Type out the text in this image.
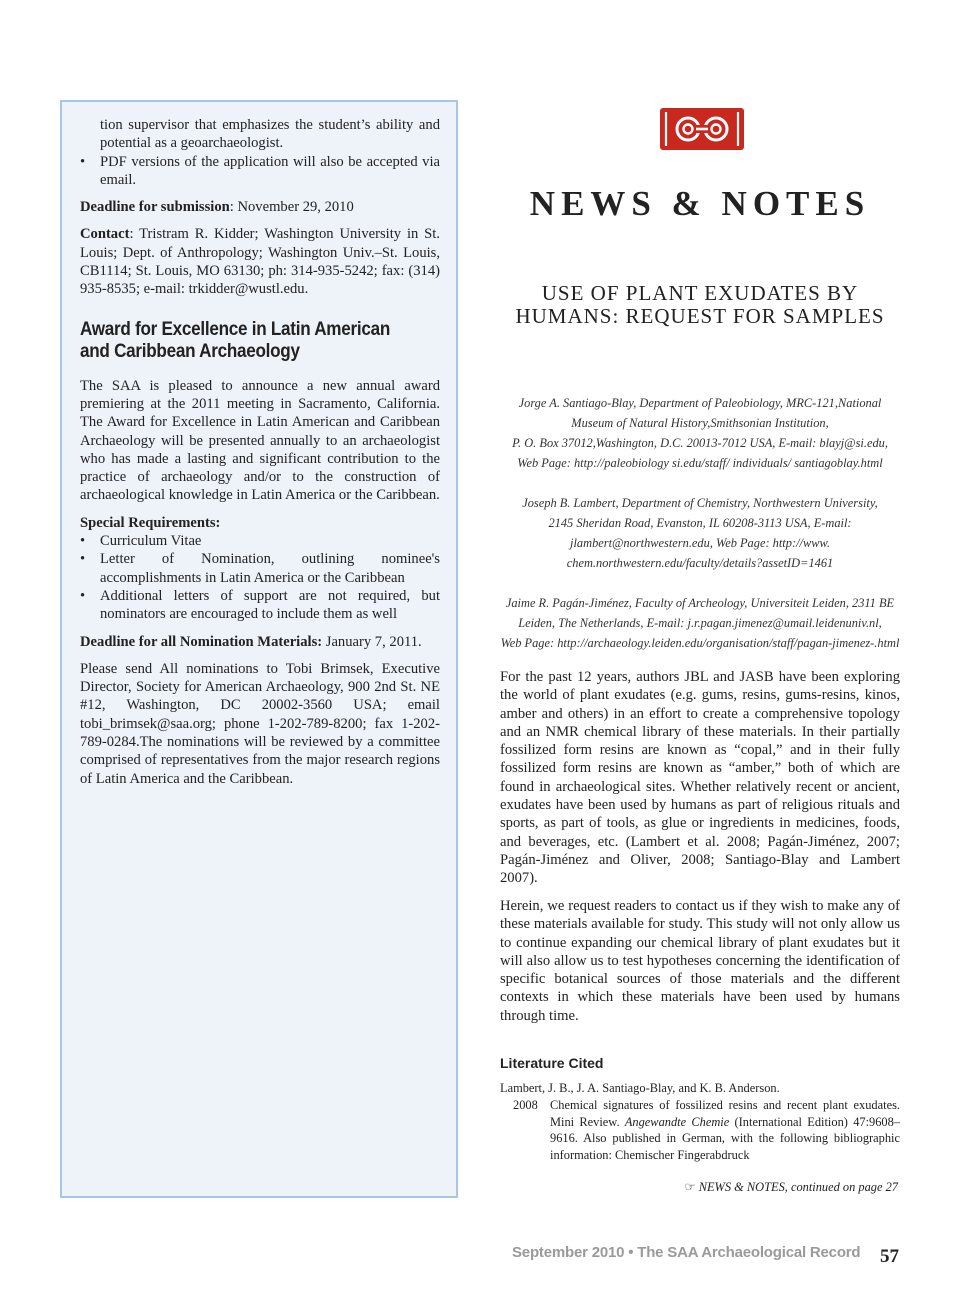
tion supervisor that emphasizes the student’s ability and potential as a geoarchaeologist.

• PDF versions of the application will also be accepted via email.

Deadline for submission: November 29, 2010

Contact: Tristram R. Kidder; Washington University in St. Louis; Dept. of Anthropology; Washington Univ.–St. Louis, CB1114; St. Louis, MO 63130; ph: 314-935-5242; fax: (314) 935-8535; e-mail: trkidder@wustl.edu.

Award for Excellence in Latin American
and Caribbean Archaeology

The SAA is pleased to announce a new annual award premiering at the 2011 meeting in Sacramento, California. The Award for Excellence in Latin American and Caribbean Archaeology will be presented annually to an archaeologist who has made a lasting and significant contribution to the practice of archaeology and/or to the construction of archaeological knowledge in Latin America or the Caribbean.

Special Requirements:

• Curriculum Vitae
• Letter of Nomination, outlining nominee's accomplishments in Latin America or the Caribbean
• Additional letters of support are not required, but nominators are encouraged to include them as well

Deadline for all Nomination Materials: January 7, 2011.

Please send All nominations to Tobi Brimsek, Executive Director, Society for American Archaeology, 900 2nd St. NE #12, Washington, DC 20002-3560 USA; email tobi_brimsek@saa.org; phone 1-202-789-8200; fax 1-202-789-0284.The nominations will be reviewed by a committee comprised of representatives from the major research regions of Latin America and the Caribbean.

NEWS & NOTES
USE OF PLANT EXUDATES BY
HUMANS: REQUEST FOR SAMPLES
Jorge A. Santiago-Blay, Department of Paleobiology, MRC-121,National
Museum of Natural History,Smithsonian Institution,
P. O. Box 37012,Washington, D.C. 20013-7012 USA, E-mail: blayj@si.edu,
Web Page: http://paleobiology si.edu/staff/ individuals/ santiagoblay.html
Joseph B. Lambert, Department of Chemistry, Northwestern University,
2145 Sheridan Road, Evanston, IL 60208-3113 USA, E-mail:
jlambert@northwestern.edu, Web Page: http://www.
chem.northwestern.edu/faculty/details?assetID=1461
Jaime R. Pagán-Jiménez, Faculty of Archeology, Universiteit Leiden, 2311 BE
Leiden, The Netherlands, E-mail: j.r.pagan.jimenez@umail.leidenuniv.nl,
Web Page: http://archaeology.leiden.edu/organisation/staff/pagan-jimenez-.html
For the past 12 years, authors JBL and JASB have been exploring the world of plant exudates (e.g. gums, resins, gums-resins, kinos, amber and others) in an effort to create a comprehensive topology and an NMR chemical library of these materials. In their partially fossilized form resins are known as “copal,” and in their fully fossilized form resins are known as “amber,” both of which are found in archaeological sites. Whether relatively recent or ancient, exudates have been used by humans as part of religious rituals and sports, as part of tools, as glue or ingredients in medicines, foods, and beverages, etc. (Lambert et al. 2008; Pagán-Jiménez, 2007; Pagán-Jiménez and Oliver, 2008; Santiago-Blay and Lambert 2007).
Herein, we request readers to contact us if they wish to make any of these materials available for study. This study will not only allow us to continue expanding our chemical library of plant exudates but it will also allow us to test hypotheses concerning the identification of specific botanical sources of those materials and the different contexts in which these materials have been used by humans through time.
Literature Cited
Lambert, J. B., J. A. Santiago-Blay, and K. B. Anderson.
2008 Chemical signatures of fossilized resins and recent plant exudates. Mini Review. Angewandte Chemie (International Edition) 47:9608–9616. Also published in German, with the following bibliographic information: Chemischer Fingerabdruck
☞ NEWS & NOTES, continued on page 27
September 2010 • The SAA Archaeological Record 57
